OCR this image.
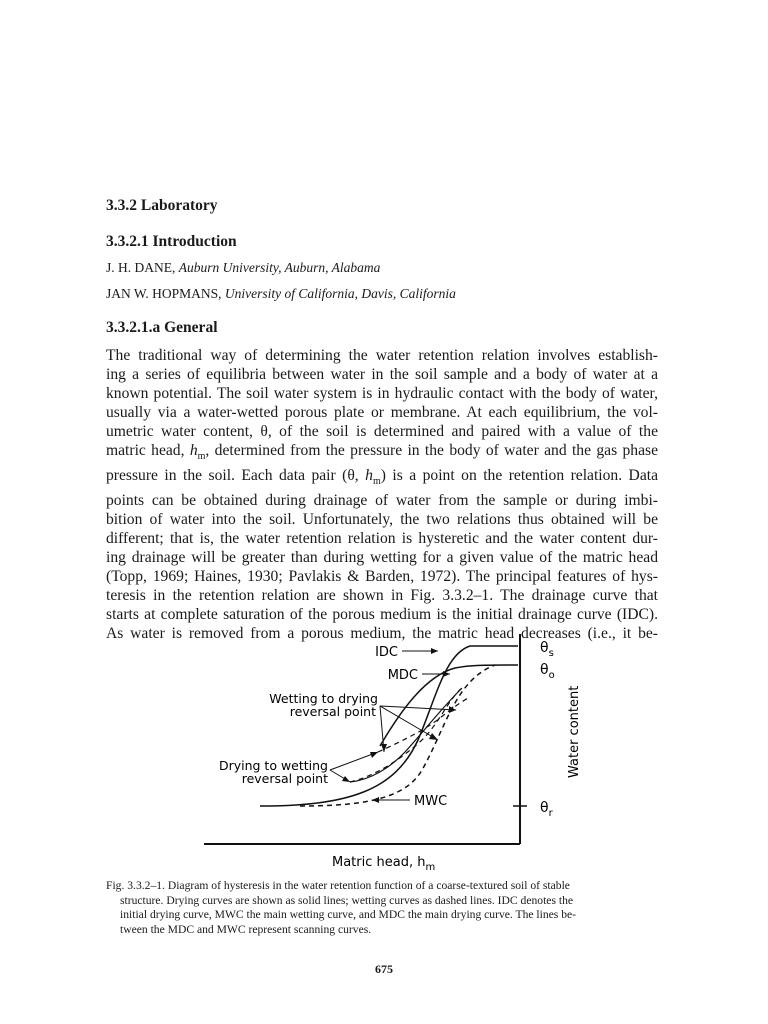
3.3.2 Laboratory
3.3.2.1 Introduction
J. H. DANE, Auburn University, Auburn, Alabama
JAN W. HOPMANS, University of California, Davis, California
3.3.2.1.a General
The traditional way of determining the water retention relation involves establish-
ing a series of equilibria between water in the soil sample and a body of water at a
known potential. The soil water system is in hydraulic contact with the body of water,
usually via a water-wetted porous plate or membrane. At each equilibrium, the vol-
umetric water content, θ, of the soil is determined and paired with a value of the
matric head, $h_m$, determined from the pressure in the body of water and the gas phase
pressure in the soil. Each data pair (θ, $h_m$) is a point on the retention relation. Data
points can be obtained during drainage of water from the sample or during imbi-
bition of water into the soil. Unfortunately, the two relations thus obtained will be
different; that is, the water retention relation is hysteretic and the water content dur-
ing drainage will be greater than during wetting for a given value of the matric head
(Topp, 1969; Haines, 1930; Pavlakis & Barden, 1972). The principal features of hys-
teresis in the retention relation are shown in Fig. 3.3.2–1. The drainage curve that
starts at complete saturation of the porous medium is the initial drainage curve (IDC).
As water is removed from a porous medium, the matric head decreases (i.e., it be-
IDC
MDC
Wetting to drying
reversal point
Drying to wetting
reversal point
MWC
$\theta_s$
$\theta_o$
$\theta_r$
Water content
Matric head, $h_m$
Fig. 3.3.2–1. Diagram of hysteresis in the water retention function of a coarse-textured soil of stable
structure. Drying curves are shown as solid lines; wetting curves as dashed lines. IDC denotes the
initial drying curve, MWC the main wetting curve, and MDC the main drying curve. The lines be-
tween the MDC and MWC represent scanning curves.
675
